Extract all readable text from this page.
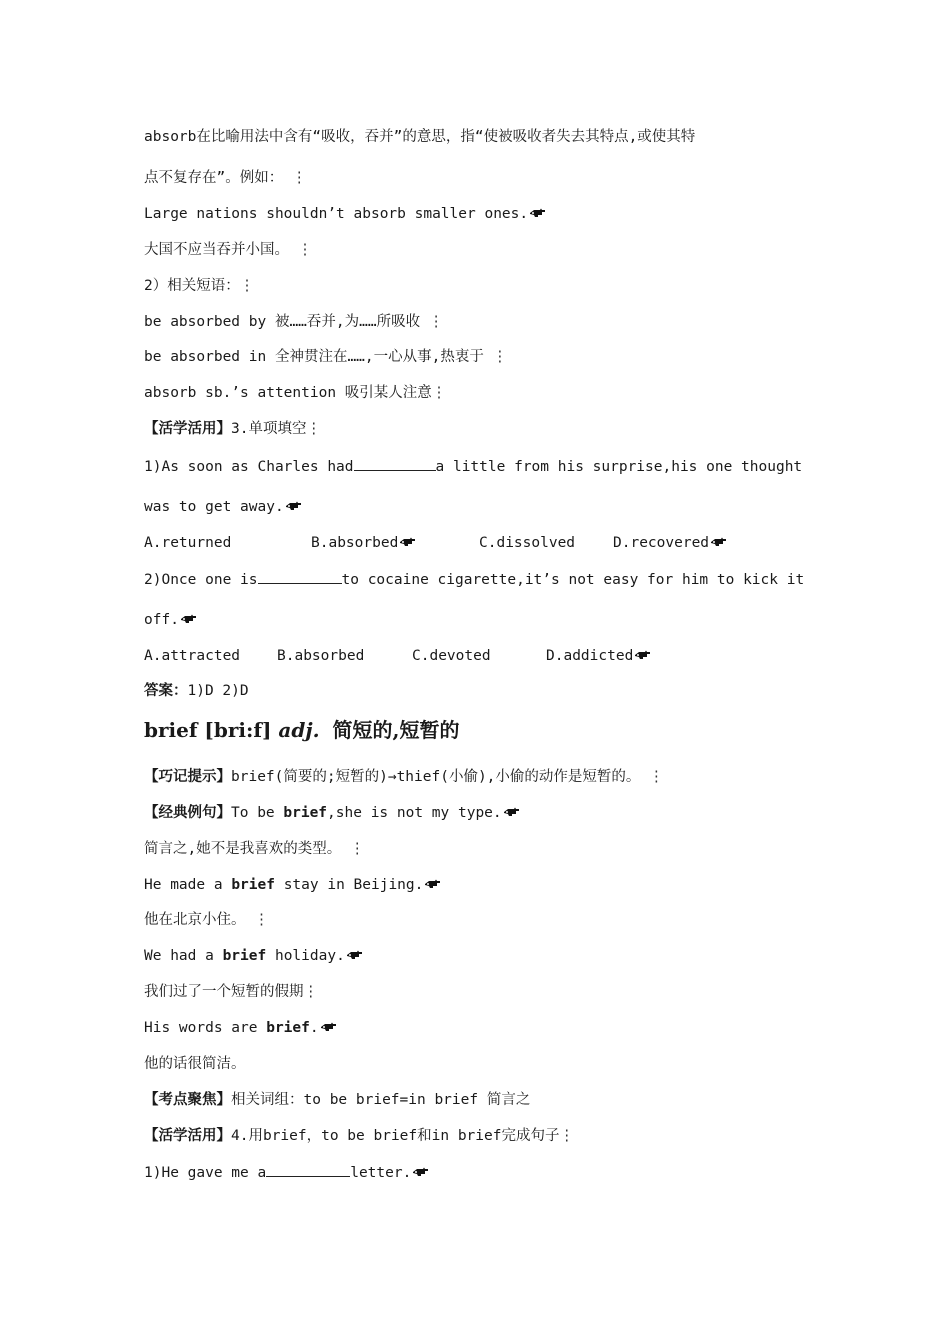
absorb在比喻用法中含有“吸收，吞并”的意思，指“使被吸收者失去其特点,或使其特
点不复存在”。例如： ⋮
Large nations shouldn’t absorb smaller ones.
大国不应当吞并小国。 ⋮
2）相关短语：⋮
be absorbed by 被……吞并,为……所吸收 ⋮
be absorbed in 全神贯注在……,一心从事,热衷于 ⋮
absorb sb.’s attention 吸引某人注意⋮
【活学活用】3.单项填空⋮
1)As soon as Charles had	a little from his surprise,his one thought
was to get away.
A.returned	B.absorbed	C.dissolved	D.recovered
2)Once one is	to cocaine cigarette,it’s not easy for him to kick it
off.
A.attracted	B.absorbed	C.devoted	D.addicted
答案：1)D 2)D
brief [bri:f] adj. 简短的,短暂的
【巧记提示】brief(简要的;短暂的)→thief(小偷),小偷的动作是短暂的。 ⋮
【经典例句】To be brief,she is not my type.
简言之,她不是我喜欢的类型。 ⋮
He made a brief stay in Beijing.
他在北京小住。 ⋮
We had a brief holiday.
我们过了一个短暂的假期⋮
His words are brief.
他的话很简洁。
【考点聚焦】相关词组：to be brief=in brief 简言之
【活学活用】4.用brief，to be brief和in brief完成句子⋮
1)He gave me a	letter.
